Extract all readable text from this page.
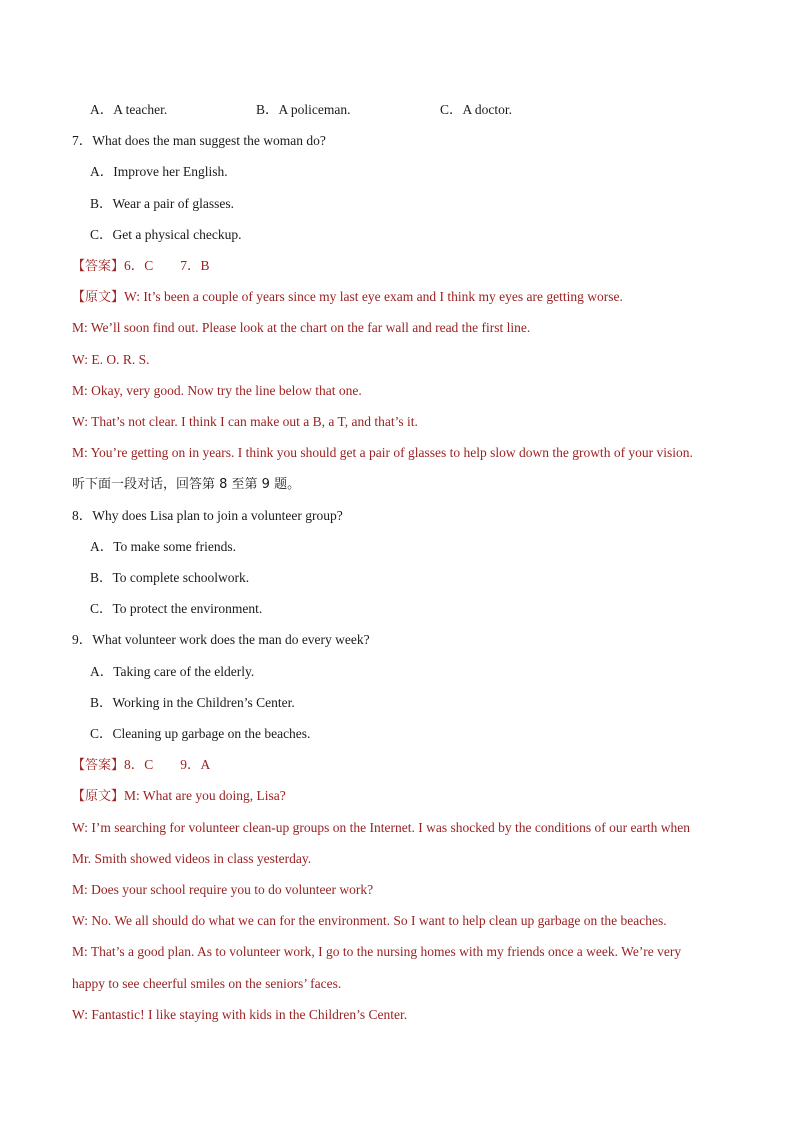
A．A teacher.	B．A policeman.	C．A doctor.
7．What does the man suggest the woman do?
A．Improve her English.
B．Wear a pair of glasses.
C．Get a physical checkup.
【答案】6．C　　7．B
【原文】W: It’s been a couple of years since my last eye exam and I think my eyes are getting worse.
M: We’ll soon find out. Please look at the chart on the far wall and read the first line.
W: E. O. R. S.
M: Okay, very good. Now try the line below that one.
W: That’s not clear. I think I can make out a B, a T, and that’s it.
M: You’re getting on in years. I think you should get a pair of glasses to help slow down the growth of your vision.
听下面一段对话，回答第 8 至第 9 题。
8．Why does Lisa plan to join a volunteer group?
A．To make some friends.
B．To complete schoolwork.
C．To protect the environment.
9．What volunteer work does the man do every week?
A．Taking care of the elderly.
B．Working in the Children’s Center.
C．Cleaning up garbage on the beaches.
【答案】8．C　　9．A
【原文】M: What are you doing, Lisa?
W: I’m searching for volunteer clean-up groups on the Internet. I was shocked by the conditions of our earth when
Mr. Smith showed videos in class yesterday.
M: Does your school require you to do volunteer work?
W: No. We all should do what we can for the environment. So I want to help clean up garbage on the beaches.
M: That’s a good plan. As to volunteer work, I go to the nursing homes with my friends once a week. We’re very
happy to see cheerful smiles on the seniors’ faces.
W: Fantastic! I like staying with kids in the Children’s Center.
